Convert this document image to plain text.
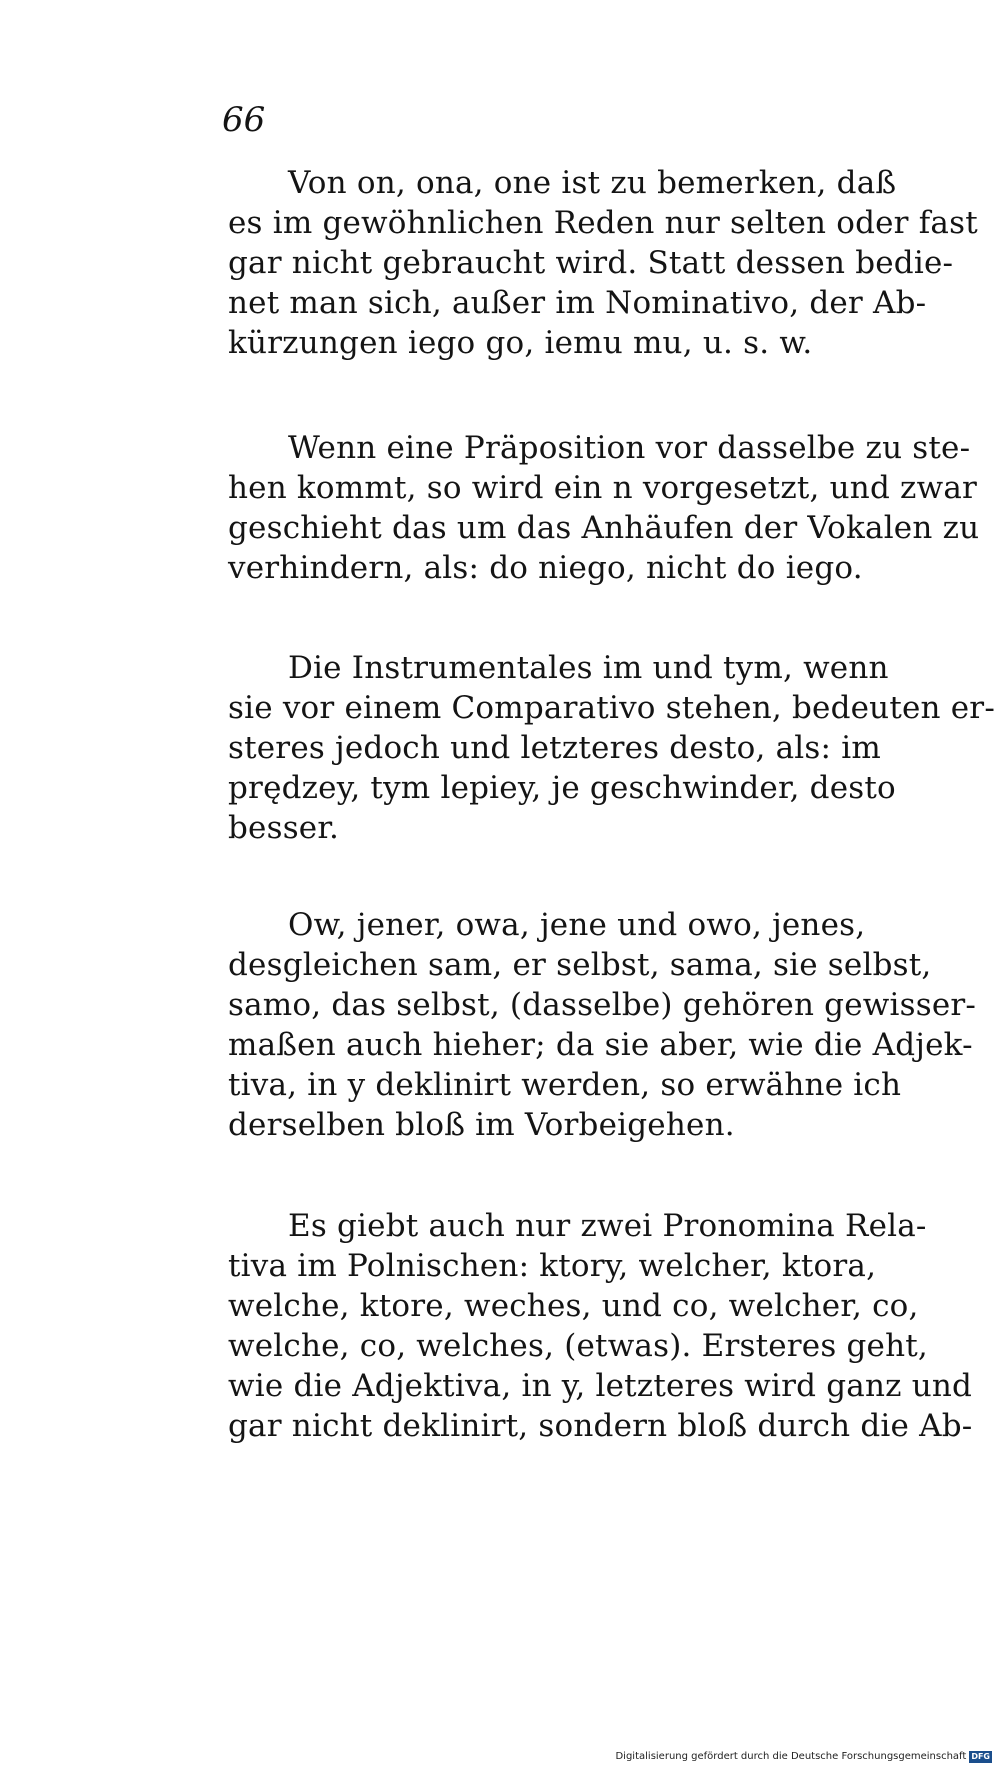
66
Von on, ona, one ist zu bemerken, daß
es im gewöhnlichen Reden nur selten oder fast
gar nicht gebraucht wird. Statt dessen bedie-
net man sich, außer im Nominativo, der Ab-
kürzungen iego go, iemu mu, u. s. w.
Wenn eine Präposition vor dasselbe zu ste-
hen kommt, so wird ein n vorgesetzt, und zwar
geschieht das um das Anhäufen der Vokalen zu
verhindern, als: do niego, nicht do iego.
Die Instrumentales im und tym, wenn
sie vor einem Comparativo stehen, bedeuten er-
steres jedoch und letzteres desto, als: im
prędzey, tym lepiey, je geschwinder, desto
besser.
Ow, jener, owa, jene und owo, jenes,
desgleichen sam, er selbst, sama, sie selbst,
samo, das selbst, (dasselbe) gehören gewisser-
maßen auch hieher; da sie aber, wie die Adjek-
tiva, in y deklinirt werden, so erwähne ich
derselben bloß im Vorbeigehen.
Es giebt auch nur zwei Pronomina Rela-
tiva im Polnischen: ktory, welcher, ktora,
welche, ktore, weches, und co, welcher, co,
welche, co, welches, (etwas). Ersteres geht,
wie die Adjektiva, in y, letzteres wird ganz und
gar nicht deklinirt, sondern bloß durch die Ab-
Digitalisierung gefördert durch die Deutsche Forschungsgemeinschaft DFG
